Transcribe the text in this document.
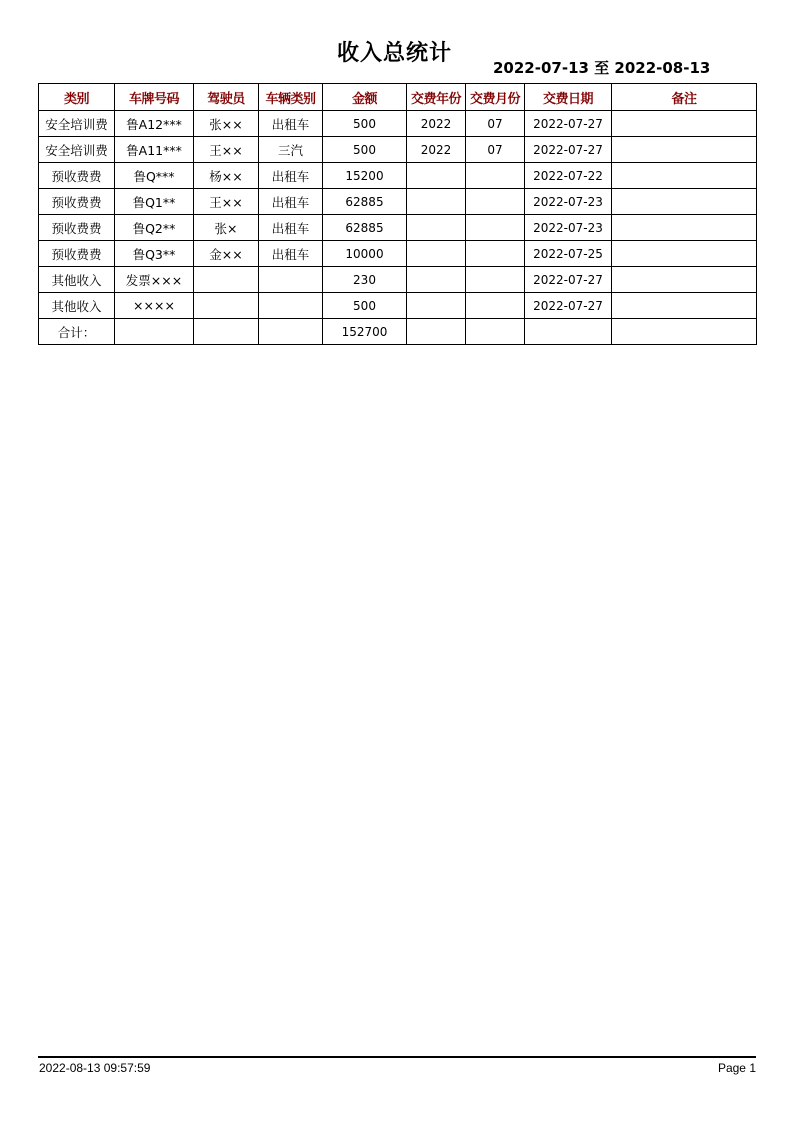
收入总统计
2022-07-13 至 2022-08-13
类别	车牌号码	驾驶员	车辆类别	金额	交费年份	交费月份	交费日期	备注
安全培训费	鲁A12***	张××	出租车	500	2022	07	2022-07-27	
安全培训费	鲁A11***	王××	三汽	500	2022	07	2022-07-27	
预收费费	鲁Q***	杨××	出租车	15200			2022-07-22	
预收费费	鲁Q1**	王××	出租车	62885			2022-07-23	
预收费费	鲁Q2**	张×	出租车	62885			2022-07-23	
预收费费	鲁Q3**	金××	出租车	10000			2022-07-25	
其他收入	发票×××			230			2022-07-27	
其他收入	××××			500			2022-07-27	
合计：				152700				
2022-08-13 09:57:59	Page 1
